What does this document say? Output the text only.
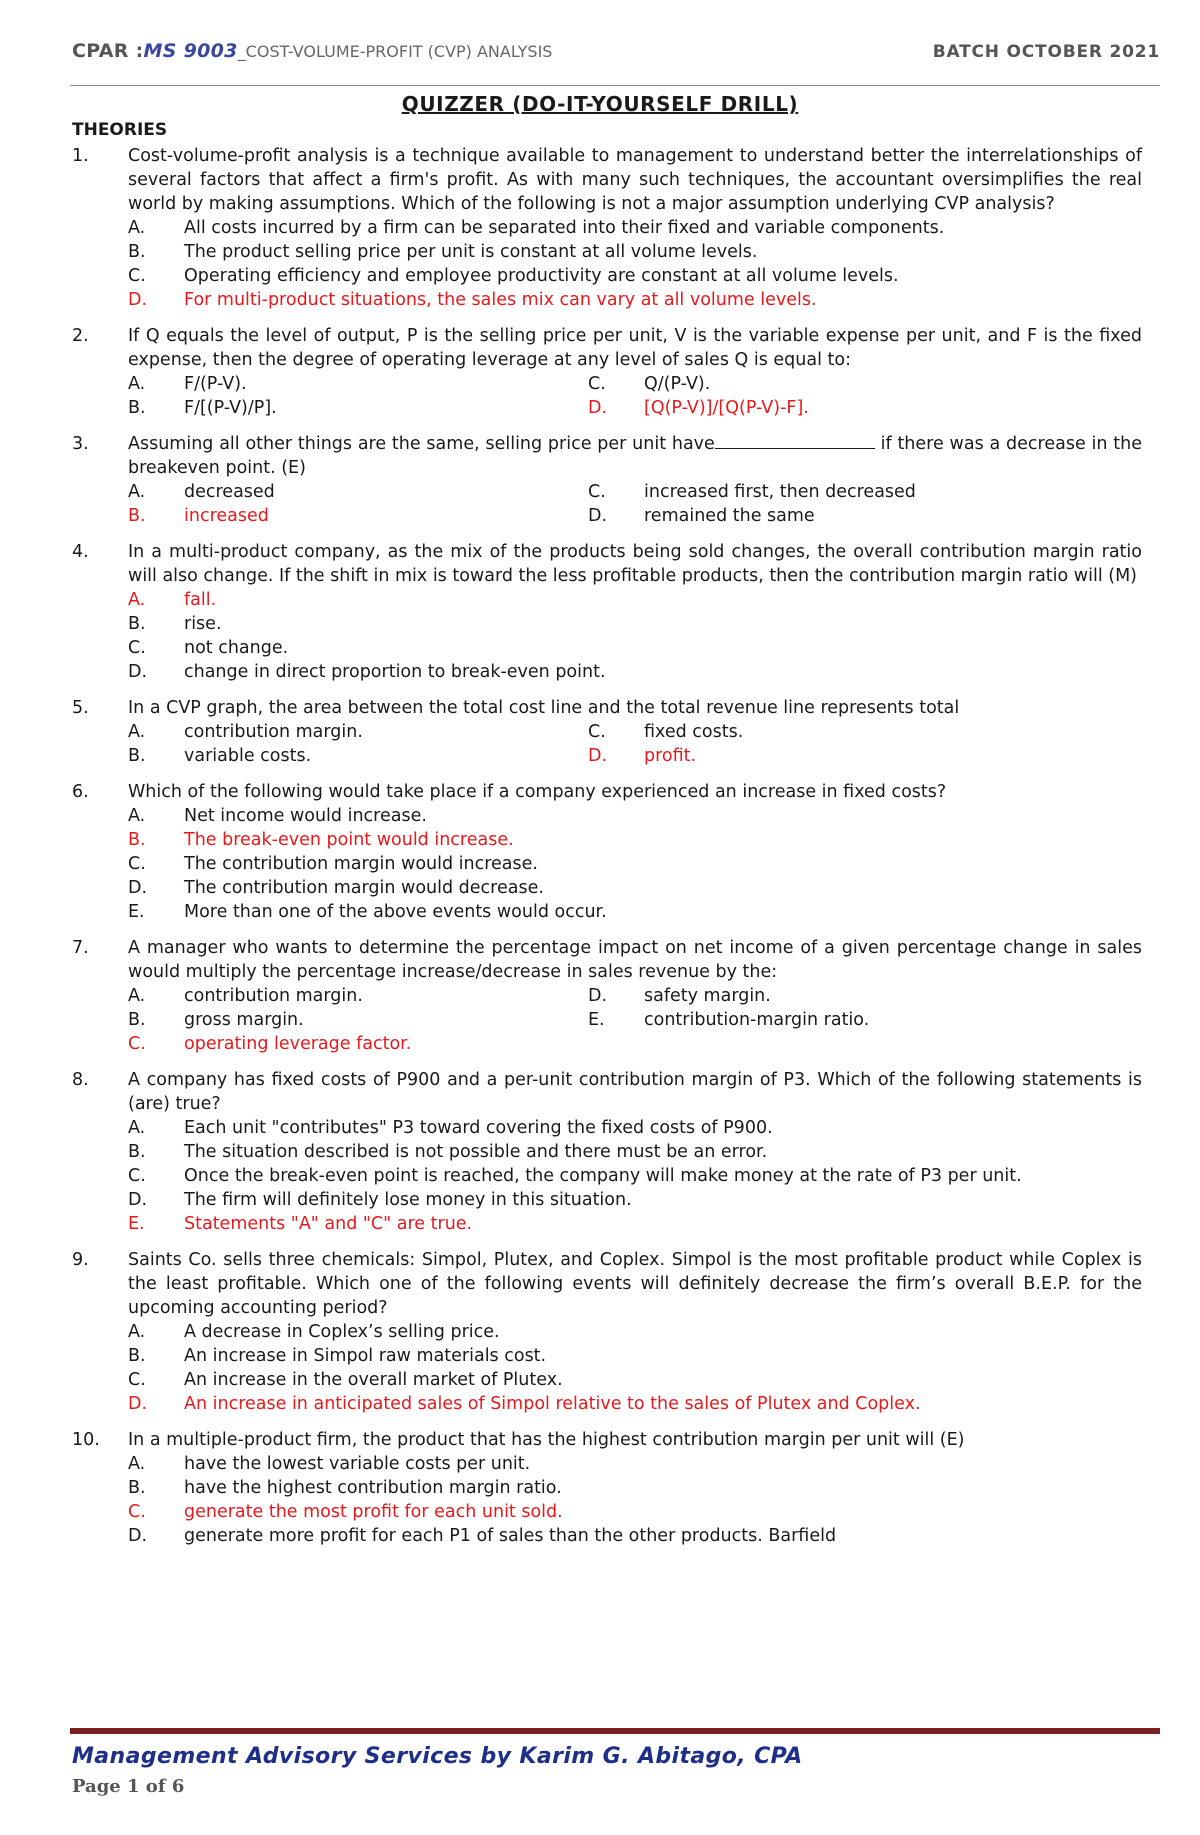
CPAR :MS 9003_COST-VOLUME-PROFIT (CVP) ANALYSIS	BATCH OCTOBER 2021
QUIZZER (DO-IT-YOURSELF DRILL)
THEORIES
1.	Cost-volume-profit analysis is a technique available to management to understand better the interrelationships of several factors that affect a firm's profit. As with many such techniques, the accountant oversimplifies the real world by making assumptions. Which of the following is not a major assumption underlying CVP analysis?
A.	All costs incurred by a firm can be separated into their fixed and variable components.
B.	The product selling price per unit is constant at all volume levels.
C.	Operating efficiency and employee productivity are constant at all volume levels.
D.	For multi-product situations, the sales mix can vary at all volume levels.
2.	If Q equals the level of output, P is the selling price per unit, V is the variable expense per unit, and F is the fixed expense, then the degree of operating leverage at any level of sales Q is equal to:
A.	F/(P-V).	C.	Q/(P-V).
B.	F/[(P-V)/P].	D.	[Q(P-V)]/[Q(P-V)-F].
3.	Assuming all other things are the same, selling price per unit have	if there was a decrease in the breakeven point. (E)
A.	decreased	C.	increased first, then decreased
B.	increased	D.	remained the same
4.	In a multi-product company, as the mix of the products being sold changes, the overall contribution margin ratio will also change. If the shift in mix is toward the less profitable products, then the contribution margin ratio will (M)
A.	fall.
B.	rise.
C.	not change.
D.	change in direct proportion to break-even point.
5.	In a CVP graph, the area between the total cost line and the total revenue line represents total
A.	contribution margin.	C.	fixed costs.
B.	variable costs.	D.	profit.
6.	Which of the following would take place if a company experienced an increase in fixed costs?
A.	Net income would increase.
B.	The break-even point would increase.
C.	The contribution margin would increase.
D.	The contribution margin would decrease.
E.	More than one of the above events would occur.
7.	A manager who wants to determine the percentage impact on net income of a given percentage change in sales would multiply the percentage increase/decrease in sales revenue by the:
A.	contribution margin.	D.	safety margin.
B.	gross margin.	E.	contribution-margin ratio.
C.	operating leverage factor.
8.	A company has fixed costs of P900 and a per-unit contribution margin of P3. Which of the following statements is (are) true?
A.	Each unit "contributes" P3 toward covering the fixed costs of P900.
B.	The situation described is not possible and there must be an error.
C.	Once the break-even point is reached, the company will make money at the rate of P3 per unit.
D.	The firm will definitely lose money in this situation.
E.	Statements "A" and "C" are true.
9.	Saints Co. sells three chemicals: Simpol, Plutex, and Coplex. Simpol is the most profitable product while Coplex is the least profitable. Which one of the following events will definitely decrease the firm’s overall B.E.P. for the upcoming accounting period?
A.	A decrease in Coplex’s selling price.
B.	An increase in Simpol raw materials cost.
C.	An increase in the overall market of Plutex.
D.	An increase in anticipated sales of Simpol relative to the sales of Plutex and Coplex.
10.	In a multiple-product firm, the product that has the highest contribution margin per unit will (E)
A.	have the lowest variable costs per unit.
B.	have the highest contribution margin ratio.
C.	generate the most profit for each unit sold.
D.	generate more profit for each P1 of sales than the other products. Barfield
Management Advisory Services by Karim G. Abitago, CPA
Page 1 of 6
